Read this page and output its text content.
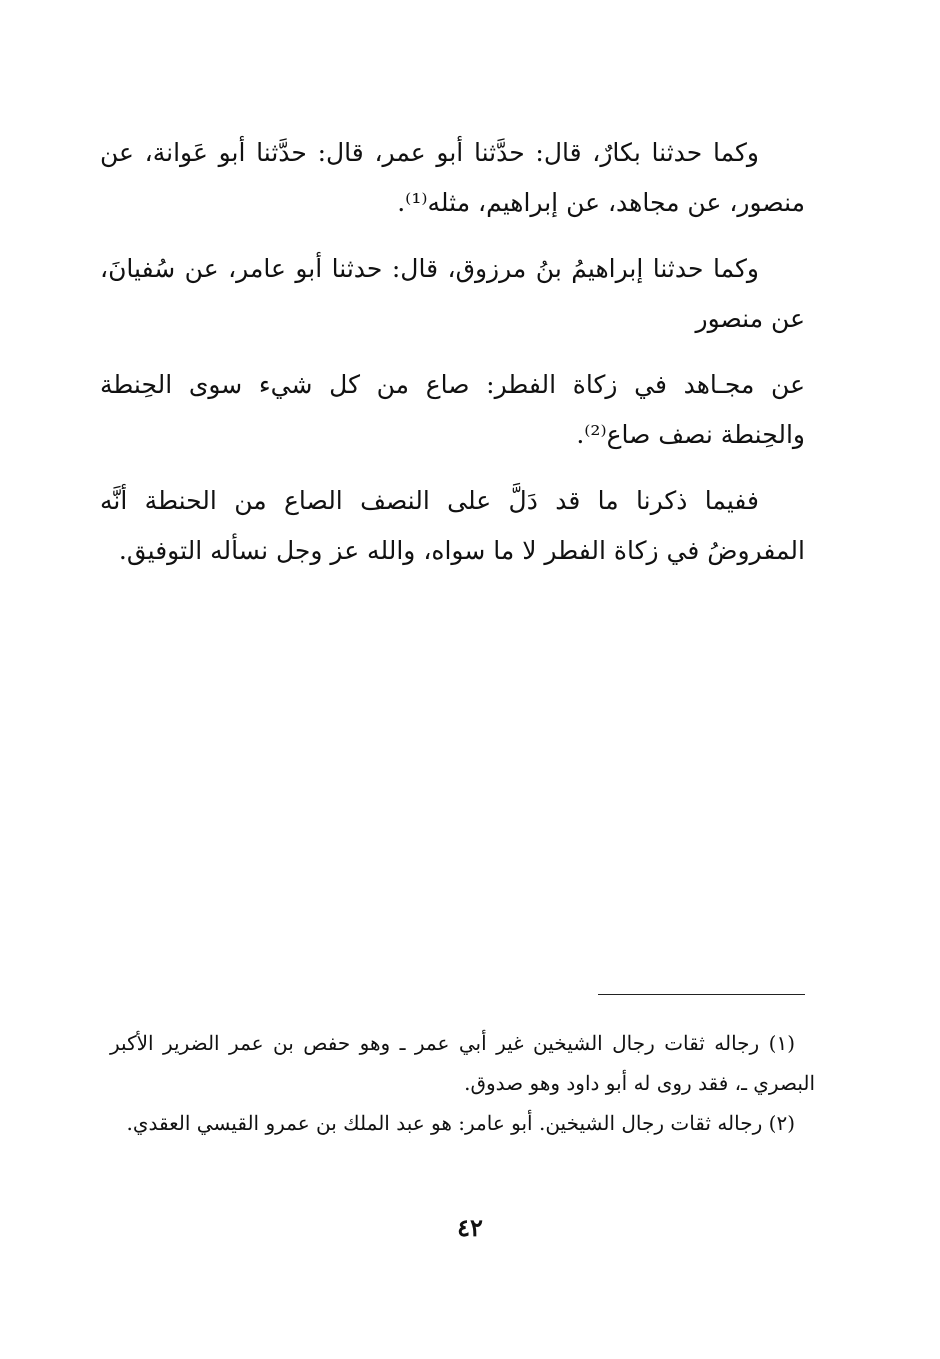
وكما حدثنا بكارٌ، قال: حدَّثنا أبو عمر، قال: حدَّثنا أبو عَوانة، عن منصور، عن مجاهد، عن إبراهيم، مثله⁽¹⁾.

وكما حدثنا إبراهيمُ بنُ مرزوق، قال: حدثنا أبو عامر، عن سُفيانَ، عن منصور

عن مجـاهد في زكاة الفطر: صاع من كل شيء سوى الحِنطة والحِنطة نصف صاع⁽²⁾.

ففيما ذكرنا ما قد دَلَّ على النصف الصاع من الحنطة أنَّه المفروضُ في زكاة الفطر لا ما سواه، والله عز وجل نسأله التوفيق.

(١) رجاله ثقات رجال الشيخين غير أبي عمر ـ وهو حفص بن عمر الضرير الأكبر البصري ـ، فقد روى له أبو داود وهو صدوق.

(٢) رجاله ثقات رجال الشيخين. أبو عامر: هو عبد الملك بن عمرو القيسي العقدي.

٤٢
